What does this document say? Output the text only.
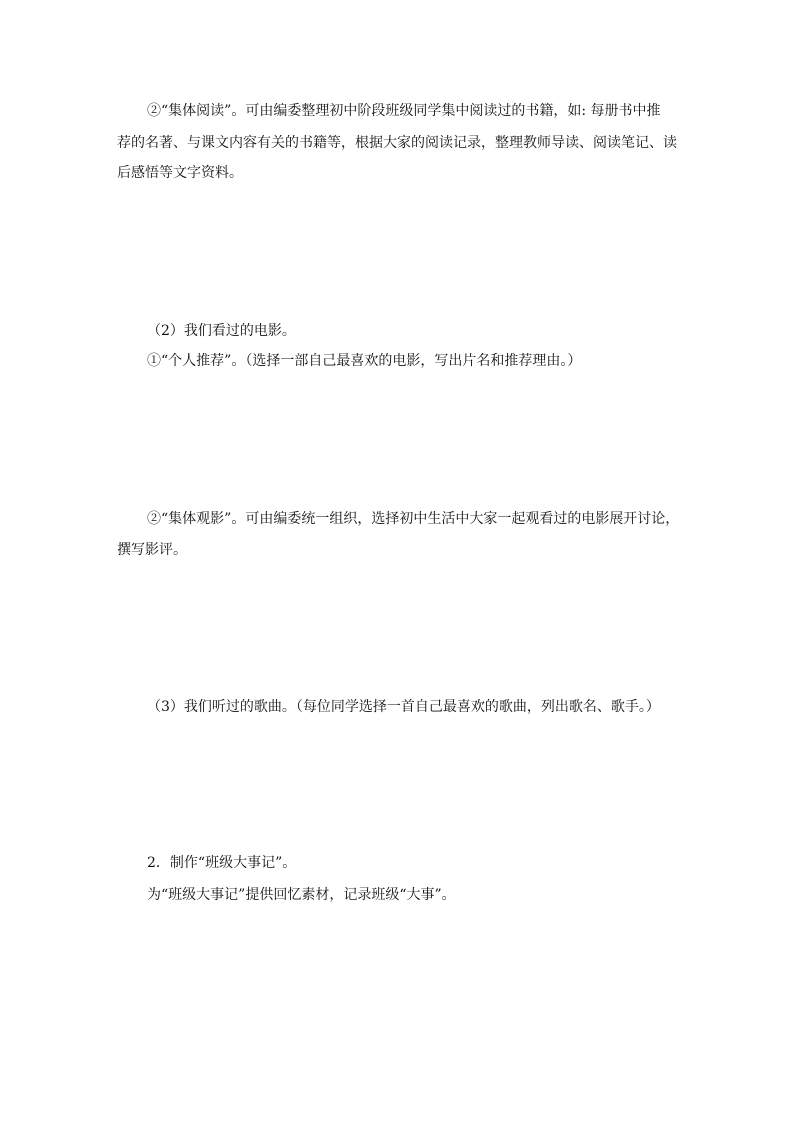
②“集体阅读”。可由编委整理初中阶段班级同学集中阅读过的书籍，如: 每册书中推
荐的名著、与课文内容有关的书籍等，根据大家的阅读记录，整理教师导读、阅读笔记、读
后感悟等文字资料。
（2）我们看过的电影。
①“个人推荐”。（选择一部自己最喜欢的电影，写出片名和推荐理由。）
②“集体观影”。可由编委统一组织，选择初中生活中大家一起观看过的电影展开讨论，
撰写影评。
（3）我们听过的歌曲。（每位同学选择一首自己最喜欢的歌曲，列出歌名、歌手。）
2．制作“班级大事记”。
为“班级大事记”提供回忆素材，记录班级“大事”。
